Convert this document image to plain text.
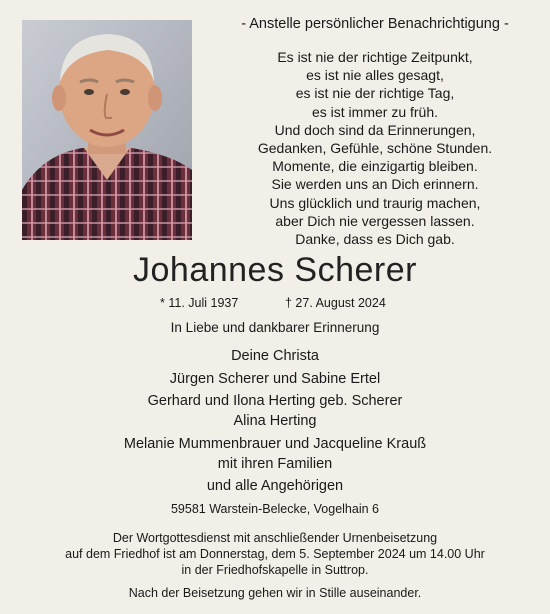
- Anstelle persönlicher Benachrichtigung -
Es ist nie der richtige Zeitpunkt,
es ist nie alles gesagt,
es ist nie der richtige Tag,
es ist immer zu früh.
Und doch sind da Erinnerungen,
Gedanken, Gefühle, schöne Stunden.
Momente, die einzigartig bleiben.
Sie werden uns an Dich erinnern.
Uns glücklich und traurig machen,
aber Dich nie vergessen lassen.
Danke, dass es Dich gab.
Johannes Scherer
* 11. Juli 1937	† 27. August 2024
In Liebe und dankbarer Erinnerung
Deine Christa
Jürgen Scherer und Sabine Ertel
Gerhard und Ilona Herting geb. Scherer
Alina Herting
Melanie Mummenbrauer und Jacqueline Krauß
mit ihren Familien
und alle Angehörigen
59581 Warstein-Belecke, Vogelhain 6
Der Wortgottesdienst mit anschließender Urnenbeisetzung
auf dem Friedhof ist am Donnerstag, dem 5. September 2024 um 14.00 Uhr
in der Friedhofskapelle in Suttrop.
Nach der Beisetzung gehen wir in Stille auseinander.
